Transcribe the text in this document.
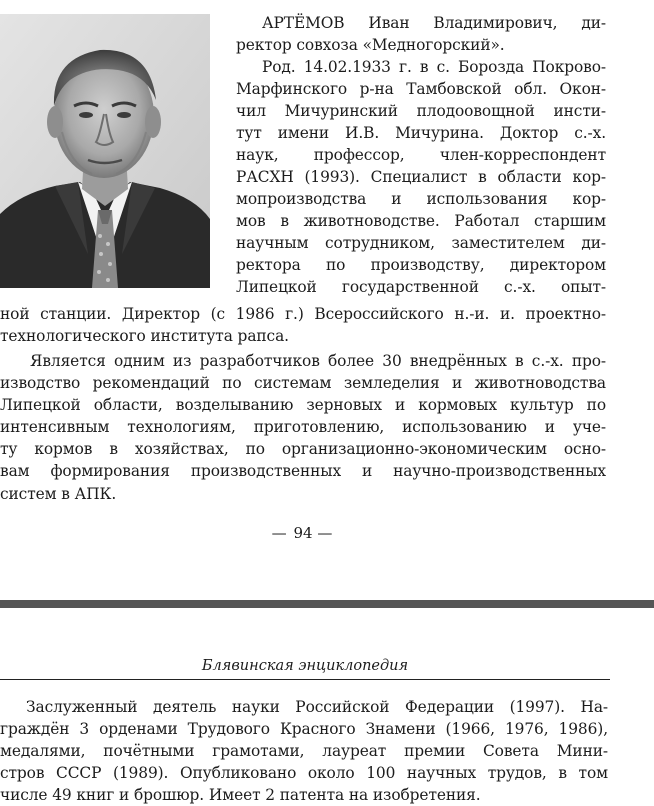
АРТЁМОВ Иван Владимирович, ди-
ректор совхоза «Медногорский».
Род. 14.02.1933 г. в с. Борозда Покрово-
Марфинского р-на Тамбовской обл. Окон-
чил Мичуринский плодоовощной инсти-
тут имени И.В. Мичурина. Доктор с.-х.
наук, профессор, член-корреспондент
РАСХН (1993). Специалист в области кор-
мопроизводства и использования кор-
мов в животноводстве. Работал старшим
научным сотрудником, заместителем ди-
ректора по производству, директором
Липецкой государственной с.-х. опыт-
ной станции. Директор (с 1986 г.) Всероссийского н.-и. и. проектно-
технологического института рапса.
Является одним из разработчиков более 30 внедрённых в с.-х. про-
изводство рекомендаций по системам земледелия и животноводства
Липецкой области, возделыванию зерновых и кормовых культур по
интенсивным технологиям, приготовлению, использованию и уче-
ту кормов в хозяйствах, по организационно-экономическим осно-
вам формирования производственных и научно-производственных
систем в АПК.
— 94 —
Блявинская энциклопедия
Заслуженный деятель науки Российской Федерации (1997). На-
граждён 3 орденами Трудового Красного Знамени (1966, 1976, 1986),
медалями, почётными грамотами, лауреат премии Совета Мини-
стров СССР (1989). Опубликовано около 100 научных трудов, в том
числе 49 книг и брошюр. Имеет 2 патента на изобретения.
